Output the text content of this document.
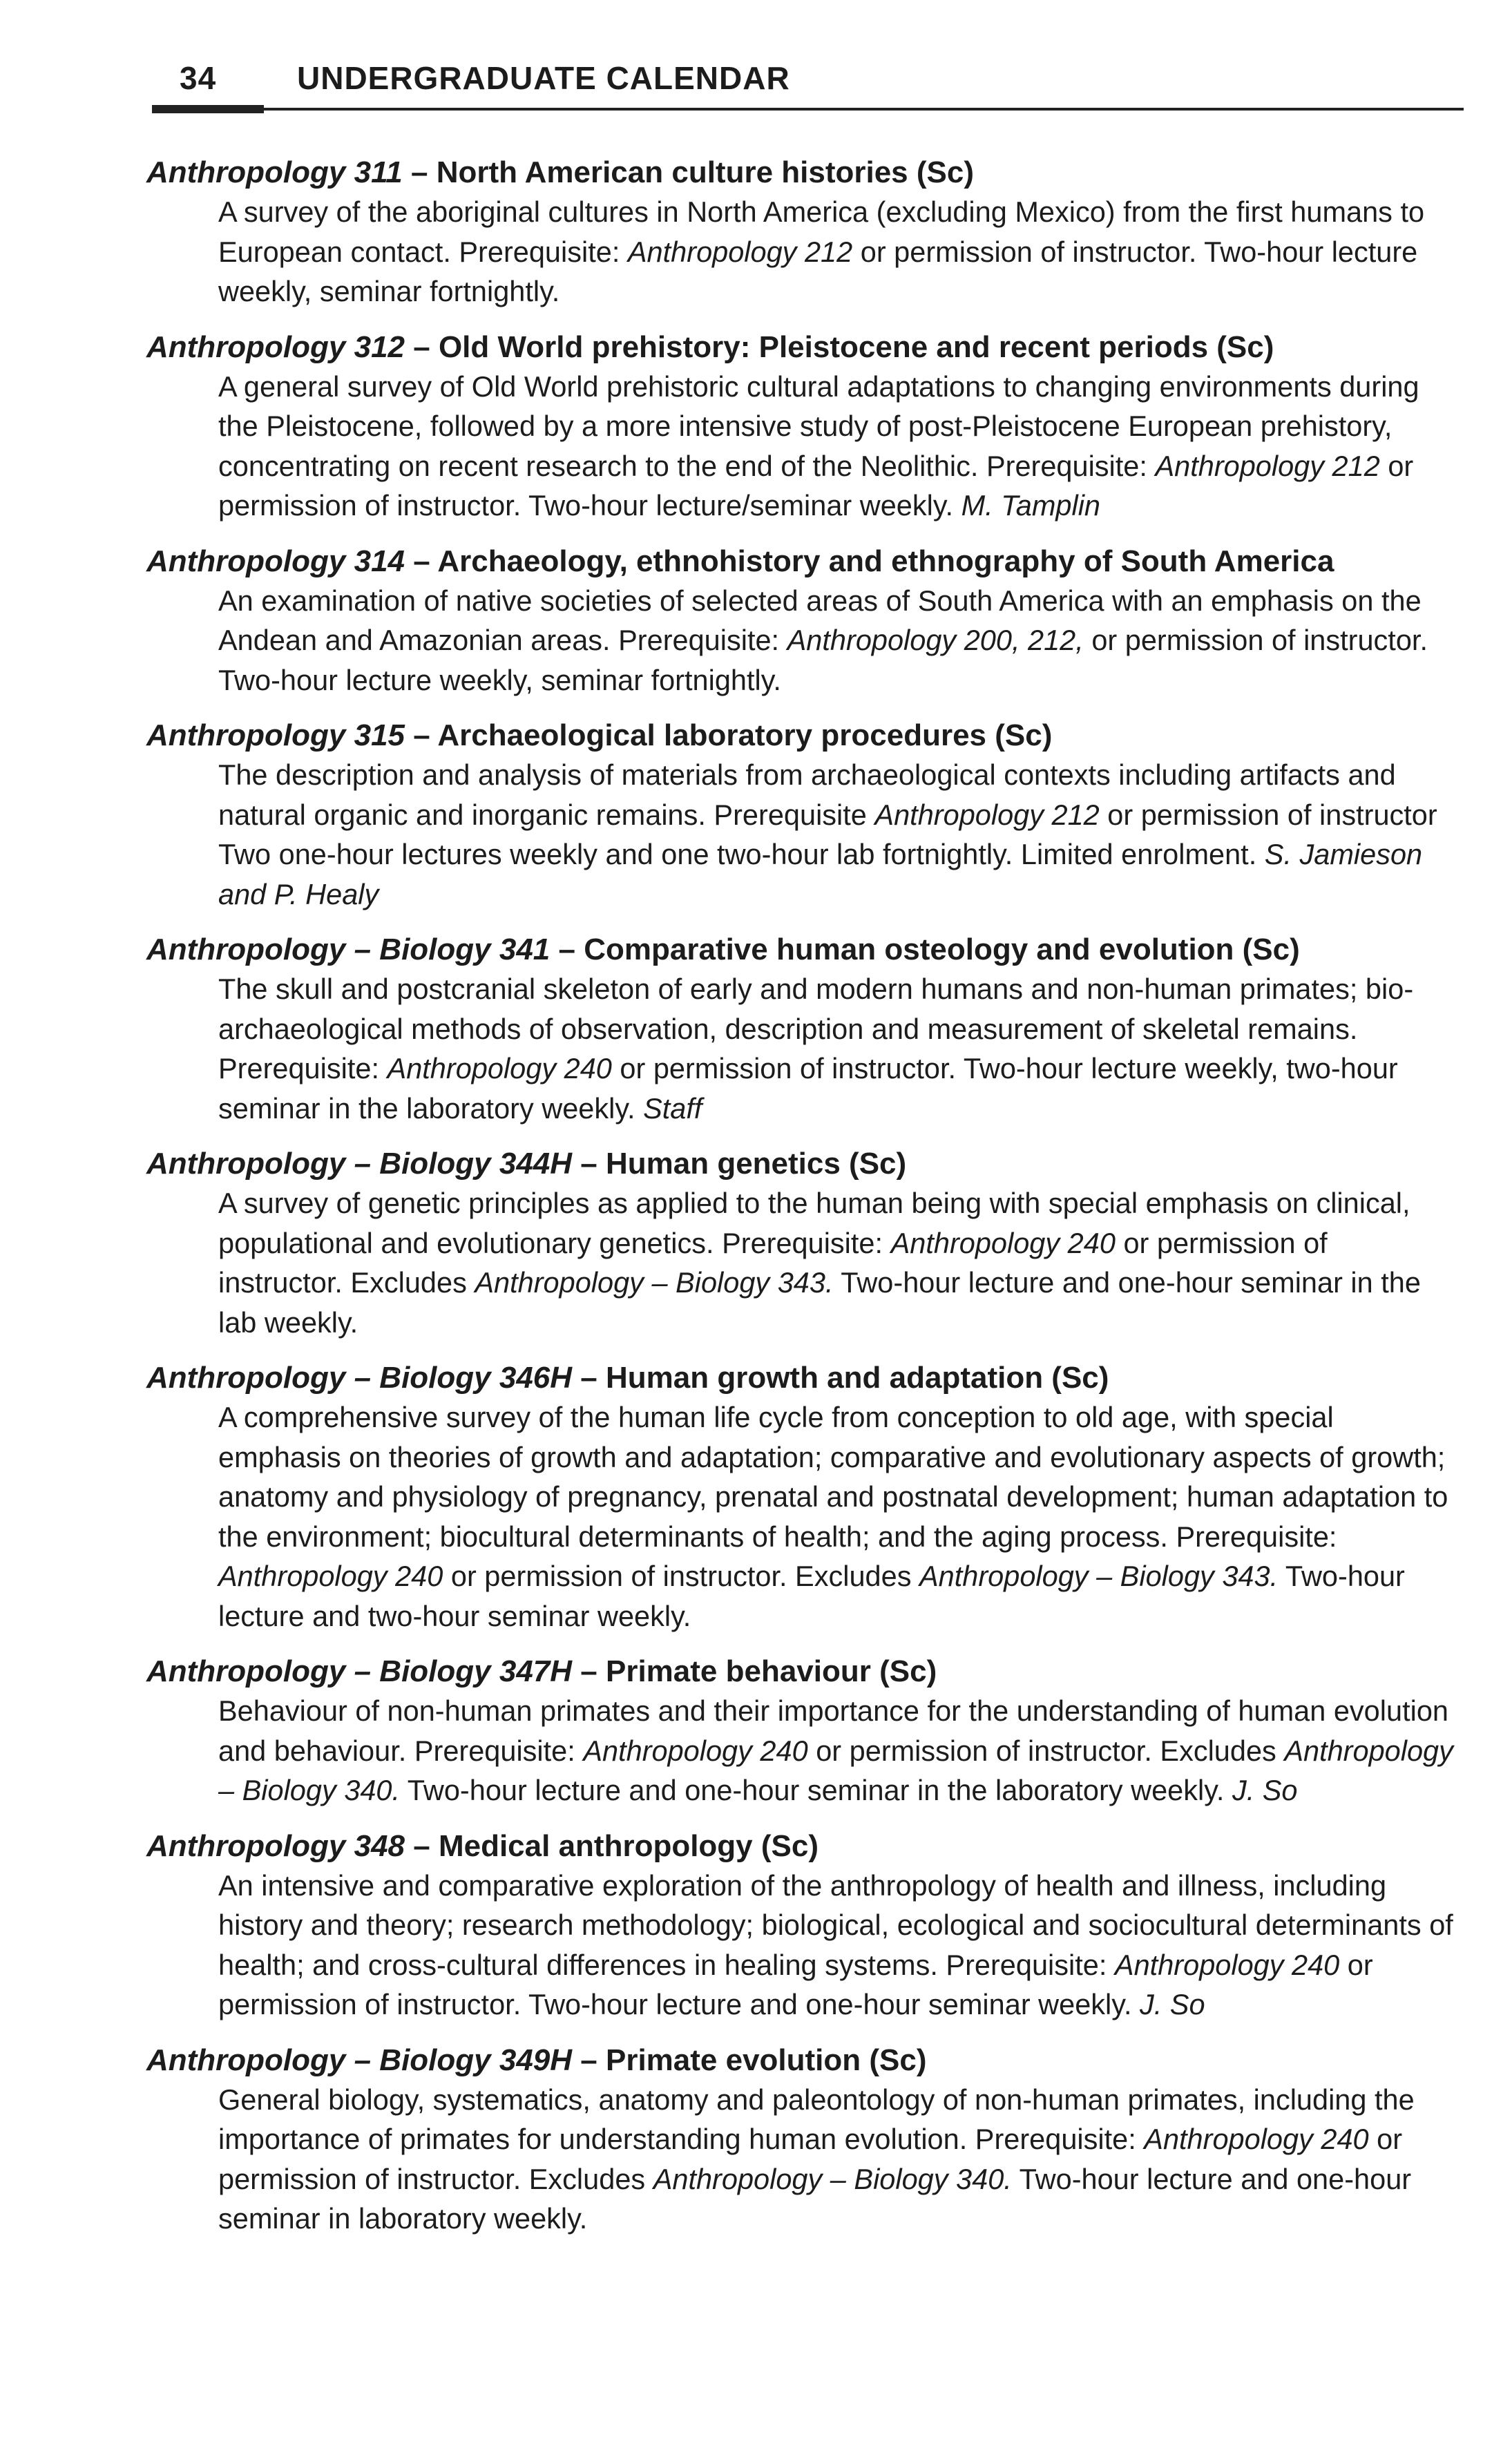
34	UNDERGRADUATE CALENDAR

Anthropology 311 – North American culture histories (Sc)

A survey of the aboriginal cultures in North America (excluding Mexico) from the first humans to European contact. Prerequisite: Anthropology 212 or permission of instructor. Two-hour lecture weekly, seminar fortnightly.

Anthropology 312 – Old World prehistory: Pleistocene and recent periods (Sc)

A general survey of Old World prehistoric cultural adaptations to changing environments during the Pleistocene, followed by a more intensive study of post-Pleistocene European prehistory, concentrating on recent research to the end of the Neolithic. Prerequisite: Anthropology 212 or permission of instructor. Two-hour lecture/seminar weekly. M. Tamplin

Anthropology 314 – Archaeology, ethnohistory and ethnography of South America

An examination of native societies of selected areas of South America with an emphasis on the Andean and Amazonian areas. Prerequisite: Anthropology 200, 212, or permission of instructor. Two-hour lecture weekly, seminar fortnightly.

Anthropology 315 – Archaeological laboratory procedures (Sc)

The description and analysis of materials from archaeological contexts including artifacts and natural organic and inorganic remains. Prerequisite Anthropology 212 or permission of instructor Two one-hour lectures weekly and one two-hour lab fortnightly. Limited enrolment. S. Jamieson and P. Healy

Anthropology – Biology 341 – Comparative human osteology and evolution (Sc)

The skull and postcranial skeleton of early and modern humans and non-human primates; bio-archaeological methods of observation, description and measurement of skeletal remains. Prerequisite: Anthropology 240 or permission of instructor. Two-hour lecture weekly, two-hour seminar in the laboratory weekly. Staff

Anthropology – Biology 344H – Human genetics (Sc)

A survey of genetic principles as applied to the human being with special emphasis on clinical, populational and evolutionary genetics. Prerequisite: Anthropology 240 or permission of instructor. Excludes Anthropology – Biology 343. Two-hour lecture and one-hour seminar in the lab weekly.

Anthropology – Biology 346H – Human growth and adaptation (Sc)

A comprehensive survey of the human life cycle from conception to old age, with special emphasis on theories of growth and adaptation; comparative and evolutionary aspects of growth; anatomy and physiology of pregnancy, prenatal and postnatal development; human adaptation to the environment; biocultural determinants of health; and the aging process. Prerequisite: Anthropology 240 or permission of instructor. Excludes Anthropology – Biology 343. Two-hour lecture and two-hour seminar weekly.

Anthropology – Biology 347H – Primate behaviour (Sc)

Behaviour of non-human primates and their importance for the understanding of human evolution and behaviour. Prerequisite: Anthropology 240 or permission of instructor. Excludes Anthropology – Biology 340. Two-hour lecture and one-hour seminar in the laboratory weekly. J. So

Anthropology 348 – Medical anthropology (Sc)

An intensive and comparative exploration of the anthropology of health and illness, including history and theory; research methodology; biological, ecological and sociocultural determinants of health; and cross-cultural differences in healing systems. Prerequisite: Anthropology 240 or permission of instructor. Two-hour lecture and one-hour seminar weekly. J. So

Anthropology – Biology 349H – Primate evolution (Sc)

General biology, systematics, anatomy and paleontology of non-human primates, including the importance of primates for understanding human evolution. Prerequisite: Anthropology 240 or permission of instructor. Excludes Anthropology – Biology 340. Two-hour lecture and one-hour seminar in laboratory weekly.
